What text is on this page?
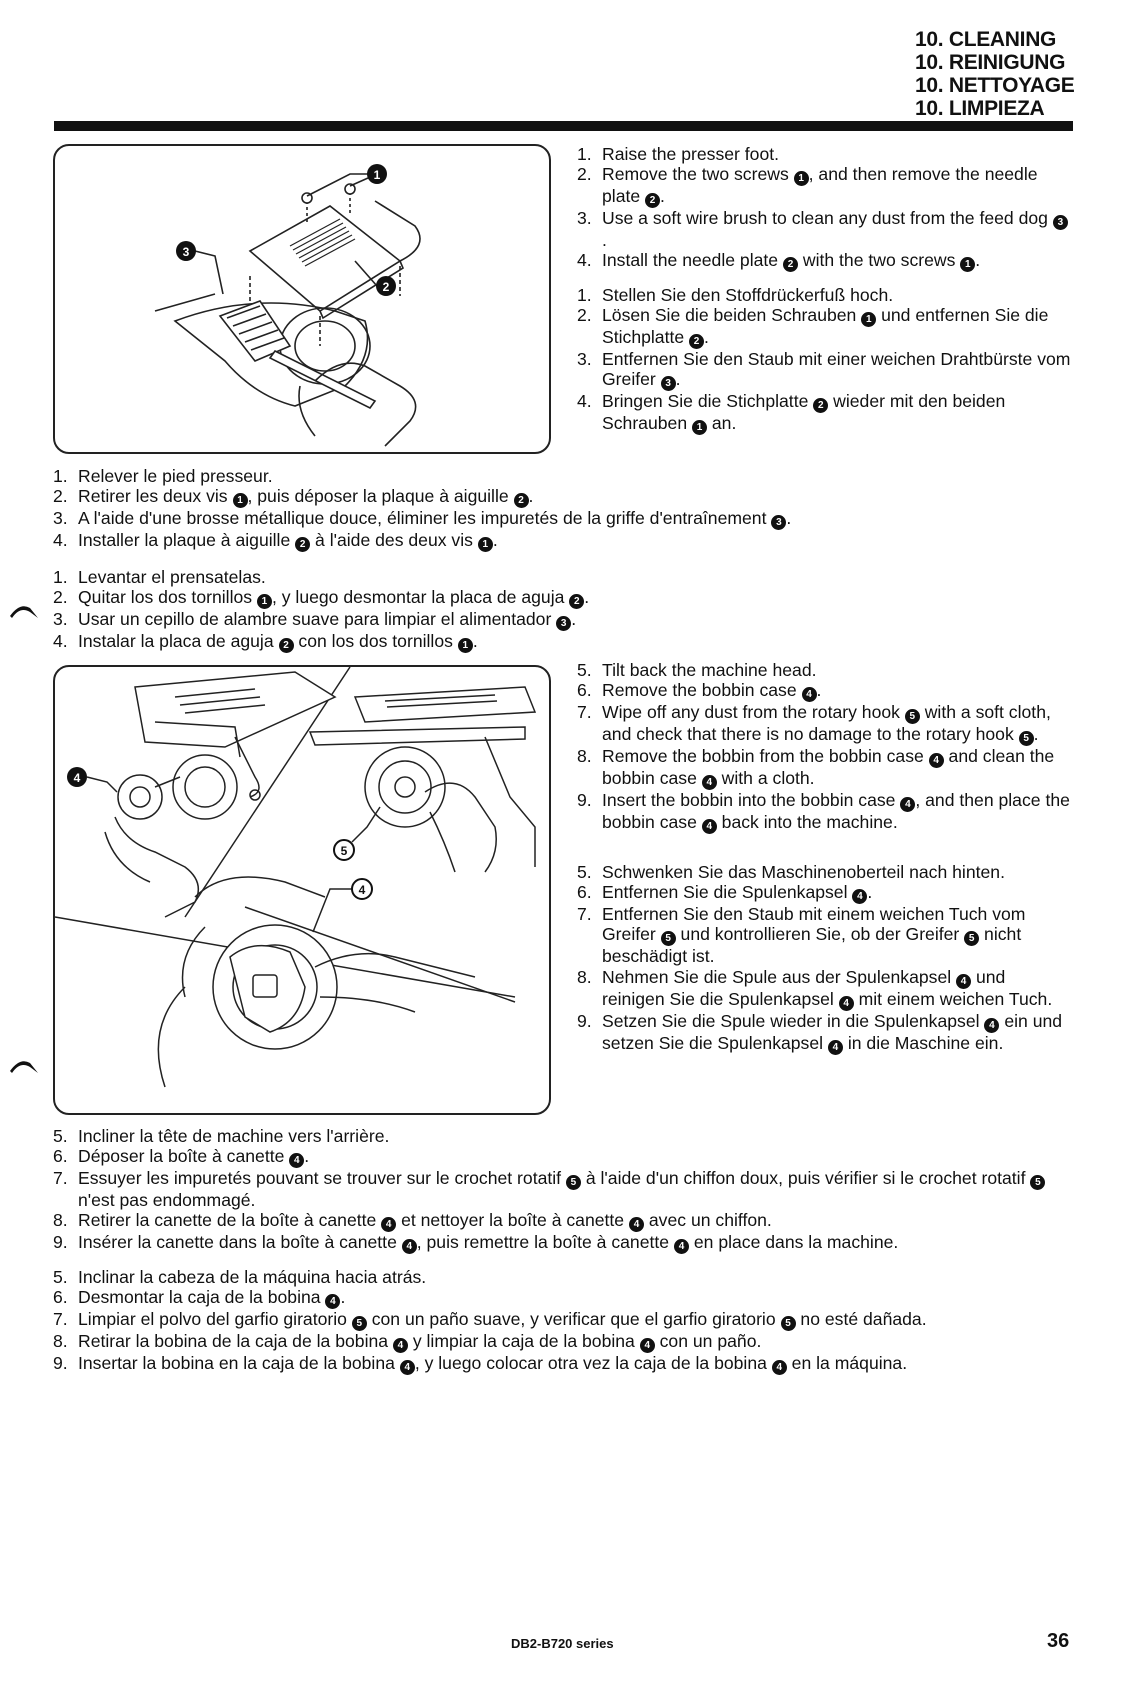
10. CLEANING
10. REINIGUNG
10. NETTOYAGE
10. LIMPIEZA
1
2
3
1. Raise the presser foot.
2. Remove the two screws 1 , and then remove the needle plate 2 .
3. Use a soft wire brush to clean any dust from the feed dog 3.
4. Install the needle plate 2 with the two screws 1 .
1. Stellen Sie den Stoffdrückerfuß hoch.
2. Lösen Sie die beiden Schrauben 1 und entfernen Sie die Stichplatte 2 .
3. Entfernen Sie den Staub mit einer weichen Drahtbürste vom Greifer 3 .
4. Bringen Sie die Stichplatte 2 wieder mit den beiden Schrauben 1 an.
1. Relever le pied presseur.
2. Retirer les deux vis 1 , puis déposer la plaque à aiguille 2 .
3. A l'aide d'une brosse métallique douce, éliminer les impuretés de la griffe d'entraînement 3 .
4. Installer la plaque à aiguille 2 à l'aide des deux vis 1 .
1. Levantar el prensatelas.
2. Quitar los dos tornillos 1 , y luego desmontar la placa de aguja 2 .
3. Usar un cepillo de alambre suave para limpiar el alimentador 3 .
4. Instalar la placa de aguja 2 con los dos tornillos 1 .
4
5
4
5. Tilt back the machine head.
6. Remove the bobbin case 4 .
7. Wipe off any dust from the rotary hook 5 with a soft cloth, and check that there is no damage to the rotary hook 5 .
8. Remove the bobbin from the bobbin case 4 and clean the bobbin case 4 with a cloth.
9. Insert the bobbin into the bobbin case 4 , and then place the bobbin case 4 back into the machine.
5. Schwenken Sie das Maschinenoberteil nach hinten.
6. Entfernen Sie die Spulenkapsel 4 .
7. Entfernen Sie den Staub mit einem weichen Tuch vom Greifer 5 und kontrollieren Sie, ob der Greifer 5 nicht beschädigt ist.
8. Nehmen Sie die Spule aus der Spulenkapsel 4 und reinigen Sie die Spulenkapsel 4 mit einem weichen Tuch.
9. Setzen Sie die Spule wieder in die Spulenkapsel 4 ein und setzen Sie die Spulenkapsel 4 in die Maschine ein.
5. Incliner la tête de machine vers l'arrière.
6. Déposer la boîte à canette 4 .
7. Essuyer les impuretés pouvant se trouver sur le crochet rotatif 5 à l'aide d'un chiffon doux, puis vérifier si le crochet rotatif 5 n'est pas endommagé.
8. Retirer la canette de la boîte à canette 4 et nettoyer la boîte à canette 4 avec un chiffon.
9. Insérer la canette dans la boîte à canette 4 , puis remettre la boîte à canette 4 en place dans la machine.
5. Inclinar la cabeza de la máquina hacia atrás.
6. Desmontar la caja de la bobina 4 .
7. Limpiar el polvo del garfio giratorio 5 con un paño suave, y verificar que el garfio giratorio 5 no esté dañada.
8. Retirar la bobina de la caja de la bobina 4 y limpiar la caja de la bobina 4 con un paño.
9. Insertar la bobina en la caja de la bobina 4 , y luego colocar otra vez la caja de la bobina 4 en la máquina.
DB2-B720 series	36
